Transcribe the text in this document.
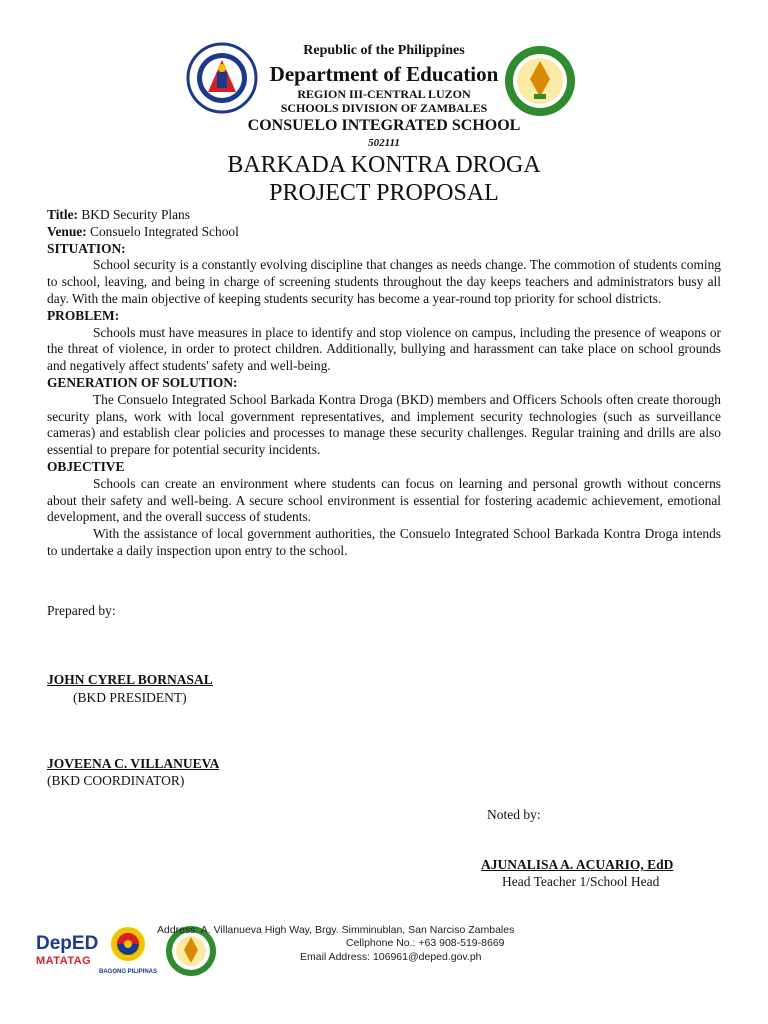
Republic of the Philippines
Department of Education
REGION III-CENTRAL LUZON
SCHOOLS DIVISION OF ZAMBALES
CONSUELO INTEGRATED SCHOOL
502111
BARKADA KONTRA DROGA
PROJECT PROPOSAL
Title: BKD Security Plans
Venue: Consuelo Integrated School
SITUATION:

School security is a constantly evolving discipline that changes as needs change. The commotion of students coming to school, leaving, and being in charge of screening students throughout the day keeps teachers and administrators busy all day. With the main objective of keeping students security has become a year-round top priority for school districts.

PROBLEM:

Schools must have measures in place to identify and stop violence on campus, including the presence of weapons or the threat of violence, in order to protect children. Additionally, bullying and harassment can take place on school grounds and negatively affect students' safety and well-being.

GENERATION OF SOLUTION:

The Consuelo Integrated School Barkada Kontra Droga (BKD) members and Officers Schools often create thorough security plans, work with local government representatives, and implement security technologies (such as surveillance cameras) and establish clear policies and processes to manage these security challenges. Regular training and drills are also essential to prepare for potential security incidents.

OBJECTIVE

Schools can create an environment where students can focus on learning and personal growth without concerns about their safety and well-being. A secure school environment is essential for fostering academic achievement, emotional development, and the overall success of students.

With the assistance of local government authorities, the Consuelo Integrated School Barkada Kontra Droga intends to undertake a daily inspection upon entry to the school.

Prepared by:
JOHN CYREL BORNASAL
(BKD PRESIDENT)
JOVEENA C. VILLANUEVA
(BKD COORDINATOR)
Noted by:
AJUNALISA A. ACUARIO, EdD
Head Teacher 1/School Head
DepED
MATATAG
BAGONG PILIPINAS
Address: A. Villanueva High Way, Brgy. Simminublan, San Narciso Zambales
Cellphone No.: +63 908-519-8669
Email Address: 106961@deped.gov.ph
